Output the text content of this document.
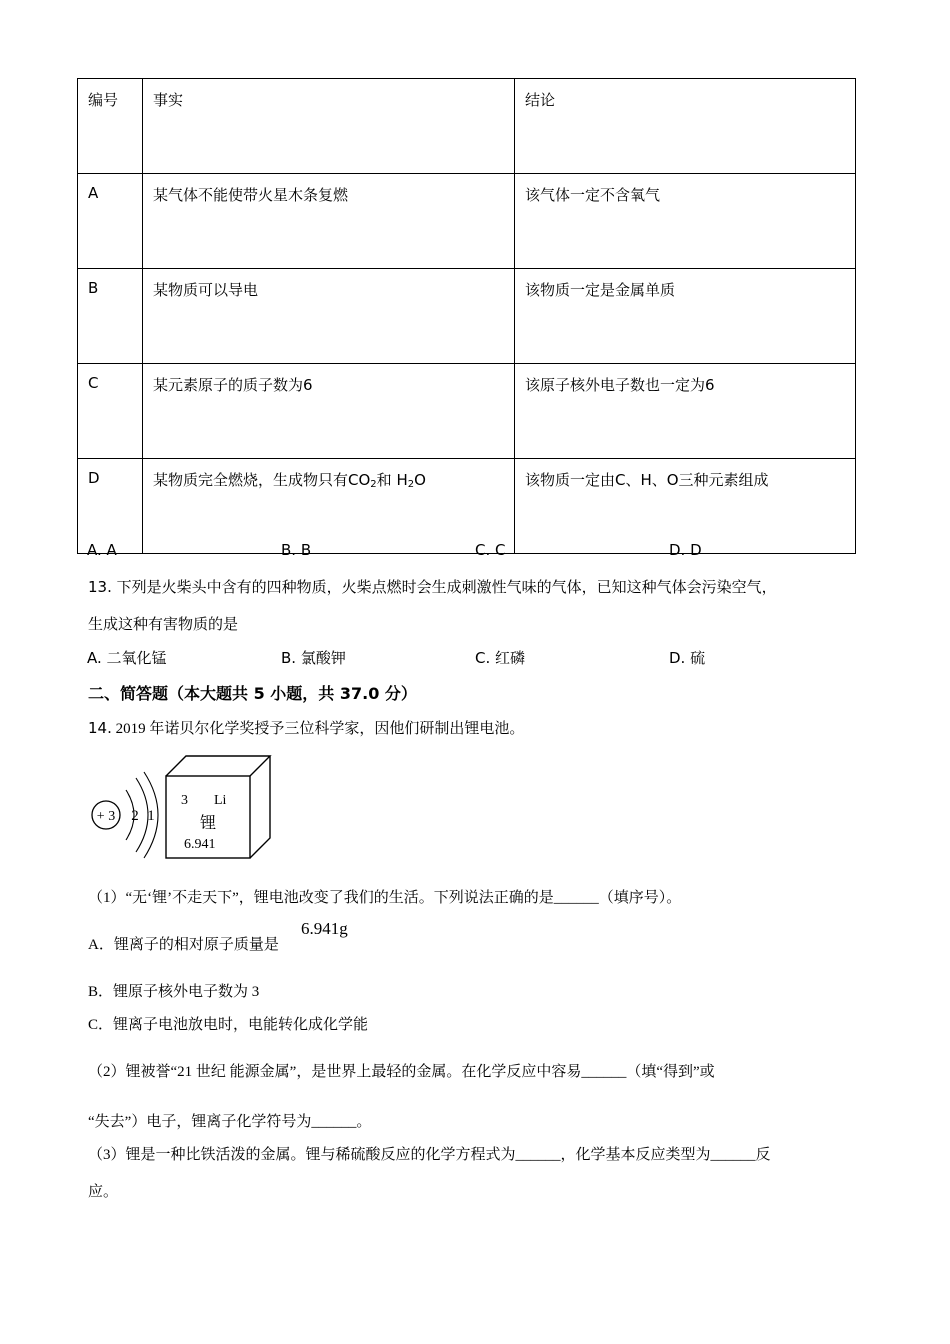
编号	事实	结论
A	某气体不能使带火星木条复燃	该气体一定不含氧气
B	某物质可以导电	该物质一定是金属单质
C	某元素原子的质子数为6	该原子核外电子数也一定为6
D	某物质完全燃烧，生成物只有$CO_2$和 $H_2O$	该物质一定由C、H、O三种元素组成
A. A	B. B	C. C	D. D
13. 下列是火柴头中含有的四种物质，火柴点燃时会生成刺激性气味的气体，已知这种气体会污染空气，
生成这种有害物质的是
A. 二氧化锰	B. 氯酸钾	C. 红磷	D. 硫
二、简答题（本大题共 5 小题，共 37.0 分）
14. 2019 年诺贝尔化学奖授予三位科学家，因他们研制出锂电池。
+ 3 2 1
3 Li
锂
6.941
（1）“无‘锂’不走天下”，锂电池改变了我们的生活。下列说法正确的是______（填序号）。
A．锂离子的相对原子质量是
6.941g
B．锂原子核外电子数为 3
C．锂离子电池放电时，电能转化成化学能
（2）锂被誉“21 世纪 能源金属”，是世界上最轻的金属。在化学反应中容易______（填“得到”或
“失去”）电子，锂离子化学符号为______。
（3）锂是一种比铁活泼的金属。锂与稀硫酸反应的化学方程式为______，化学基本反应类型为______反
应。
